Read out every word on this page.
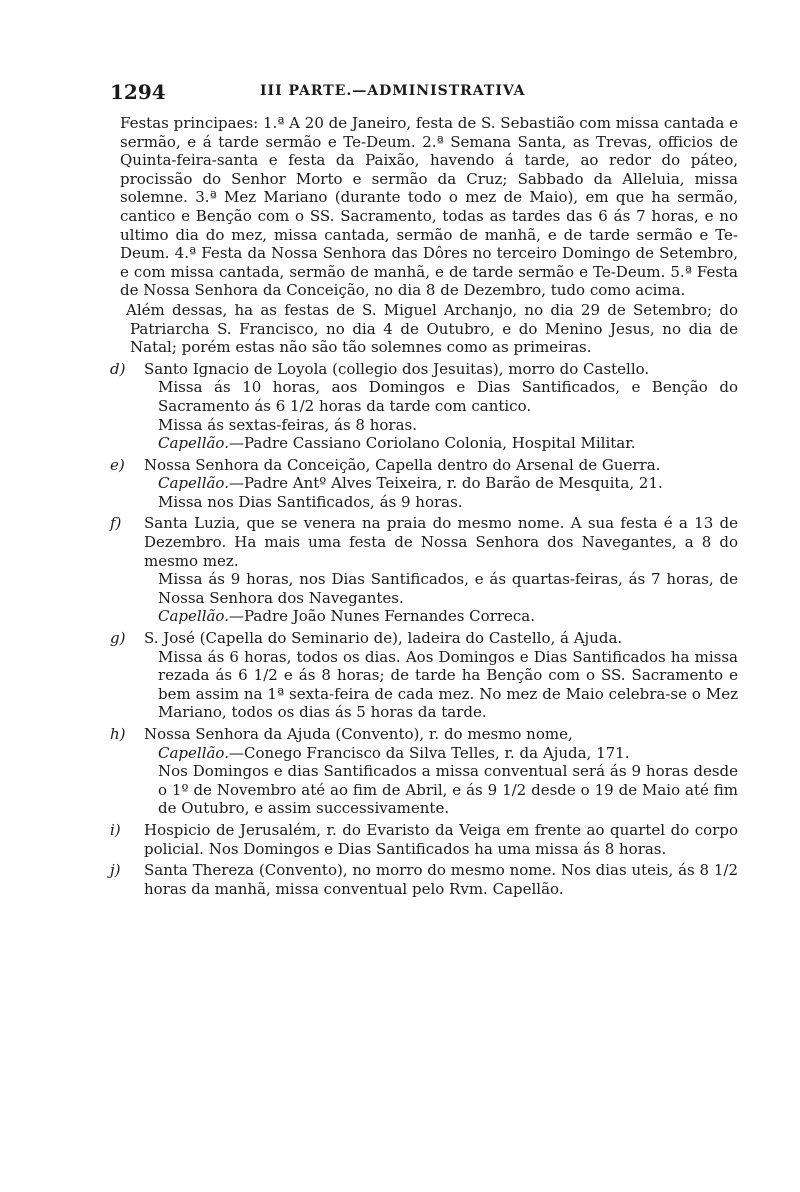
1294	III PARTE.—ADMINISTRATIVA

Festas principaes: 1.ª A 20 de Janeiro, festa de S. Sebastião com missa cantada e sermão, e á tarde sermão e Te-Deum. 2.ª Semana Santa, as Trevas, officios de Quinta-feira-santa e festa da Paixão, havendo á tarde, ao redor do páteo, procissão do Senhor Morto e sermão da Cruz; Sabbado da Alleluia, missa solemne. 3.ª Mez Mariano (durante todo o mez de Maio), em que ha sermão, cantico e Benção com o SS. Sacramento, todas as tardes das 6 ás 7 horas, e no ultimo dia do mez, missa cantada, sermão de manhã, e de tarde sermão e Te-Deum. 4.ª Festa da Nossa Senhora das Dôres no terceiro Domingo de Setembro, e com missa cantada, sermão de manhã, e de tarde sermão e Te-Deum. 5.ª Festa de Nossa Senhora da Conceição, no dia 8 de Dezembro, tudo como acima.

Além dessas, ha as festas de S. Miguel Archanjo, no dia 29 de Setembro; do Patriarcha S. Francisco, no dia 4 de Outubro, e do Menino Jesus, no dia de Natal; porém estas não são tão solemnes como as primeiras.

d) Santo Ignacio de Loyola (collegio dos Jesuitas), morro do Castello.
Missa ás 10 horas, aos Domingos e Dias Santificados, e Benção do Sacramento ás 6 1/2 horas da tarde com cantico.
Missa ás sextas-feiras, ás 8 horas.
Capellão.—Padre Cassiano Coriolano Colonia, Hospital Militar.
e) Nossa Senhora da Conceição, Capella dentro do Arsenal de Guerra.
Capellão.—Padre Antº Alves Teixeira, r. do Barão de Mesquita, 21.
Missa nos Dias Santificados, ás 9 horas.
f) Santa Luzia, que se venera na praia do mesmo nome. A sua festa é a 13 de Dezembro. Ha mais uma festa de Nossa Senhora dos Navegantes, a 8 do mesmo mez.
Missa ás 9 horas, nos Dias Santificados, e ás quartas-feiras, ás 7 horas, de Nossa Senhora dos Navegantes.
Capellão.—Padre João Nunes Fernandes Correca.
g) S. José (Capella do Seminario de), ladeira do Castello, á Ajuda.
Missa ás 6 horas, todos os dias. Aos Domingos e Dias Santificados ha missa rezada ás 6 1/2 e ás 8 horas; de tarde ha Benção com o SS. Sacramento e bem assim na 1ª sexta-feira de cada mez. No mez de Maio celebra-se o Mez Mariano, todos os dias ás 5 horas da tarde.
h) Nossa Senhora da Ajuda (Convento), r. do mesmo nome,
Capellão.—Conego Francisco da Silva Telles, r. da Ajuda, 171.
Nos Domingos e dias Santificados a missa conventual será ás 9 horas desde o 1º de Novembro até ao fim de Abril, e ás 9 1/2 desde o 19 de Maio até fim de Outubro, e assim successivamente.
i) Hospicio de Jerusalém, r. do Evaristo da Veiga em frente ao quartel do corpo policial. Nos Domingos e Dias Santificados ha uma missa ás 8 horas.
j) Santa Thereza (Convento), no morro do mesmo nome. Nos dias uteis, ás 8 1/2 horas da manhã, missa conventual pelo Rvm. Capellão.
